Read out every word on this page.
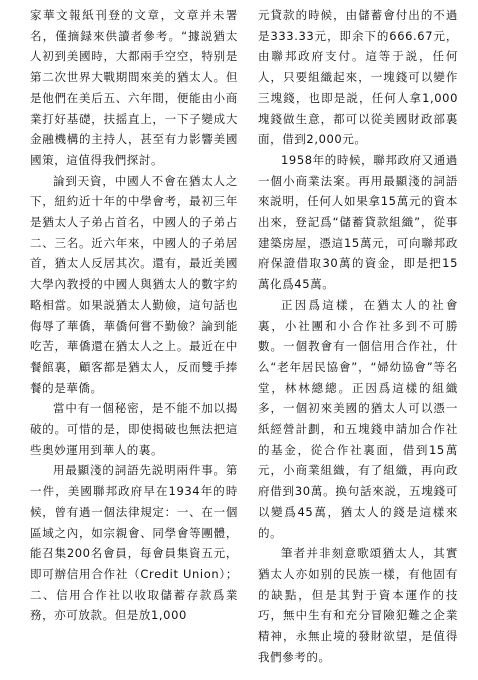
家華文報紙刊登的文章，文章并未署名，僅摘録來供讀者參考。“據説猶太人初到美國時，大都兩手空空，特别是第二次世界大戰期間來美的猶太人。但是他們在美后五、六年間，便能由小商業打好基礎，扶摇直上，一下子變成大金融機構的主持人，甚至有力影響美國國策，這值得我們探討。

論到天資，中國人不會在猶太人之下，紐約近十年的中學會考，最初三年是猶太人子弟占首名，中國人的子弟占二、三名。近六年來，中國人的子弟居首，猶太人反居其次。還有，最近美國大學內教授的中國人與猶太人的數字約略相當。如果説猶太人勤儉，這句話也侮辱了華僑，華僑何嘗不勤儉？論到能吃苦，華僑還在猶太人之上。最近在中餐館裏，顧客都是猶太人，反而雙手捧餐的是華僑。

當中有一個秘密，是不能不加以揭破的。可惜的是，即使揭破也無法把這些奥妙運用到華人的裏。

用最顯淺的詞語先説明兩件事。第一件，美國聯邦政府早在1934年的時候，曾有過一個法律規定：一、在一個區域之內，如宗親會、同學會等團體，能召集200名會員，每會員集資五元，即可辦信用合作社（Credit Union）；二、信用合作社以收取儲蓄存款爲業務，亦可放款。但是放1,000

元貸款的時候，由儲蓄會付出的不過是333.33元，即余下的666.67元，由聯邦政府支付。這等于説，任何人，只要組織起來，一塊錢可以變作三塊錢，也即是説，任何人拿1,000塊錢做生意，都可以從美國財政部裏面，借到2,000元。

1958年的時候，聯邦政府又通過一個小商業法案。再用最顯淺的詞語來説明，任何人如果拿15萬元的資本出來，登記爲“儲蓄貸款組織”，從事建築房屋，憑這15萬元，可向聯邦政府保證借取30萬的資金，即是把15萬化爲45萬。

正因爲這樣，在猶太人的社會裏，小社團和小合作社多到不可勝數。一個教會有一個信用合作社，什么“老年居民協會”，“婦幼協會”等名堂，林林總總。正因爲這樣的組織多，一個初來美國的猶太人可以憑一紙經營計劃，和五塊錢申請加合作社的基金，從合作社裏面，借到15萬元，小商業組織，有了組織，再向政府借到30萬。换句話來説，五塊錢可以變爲45萬，猶太人的錢是這樣來的。

筆者并非刻意歌頌猶太人，其實猶太人亦如别的民族一樣，有他固有的缺點，但是其對于資本運作的技巧，無中生有和充分冒險犯難之企業精神，永無止境的發財欲望，是值得我們參考的。
